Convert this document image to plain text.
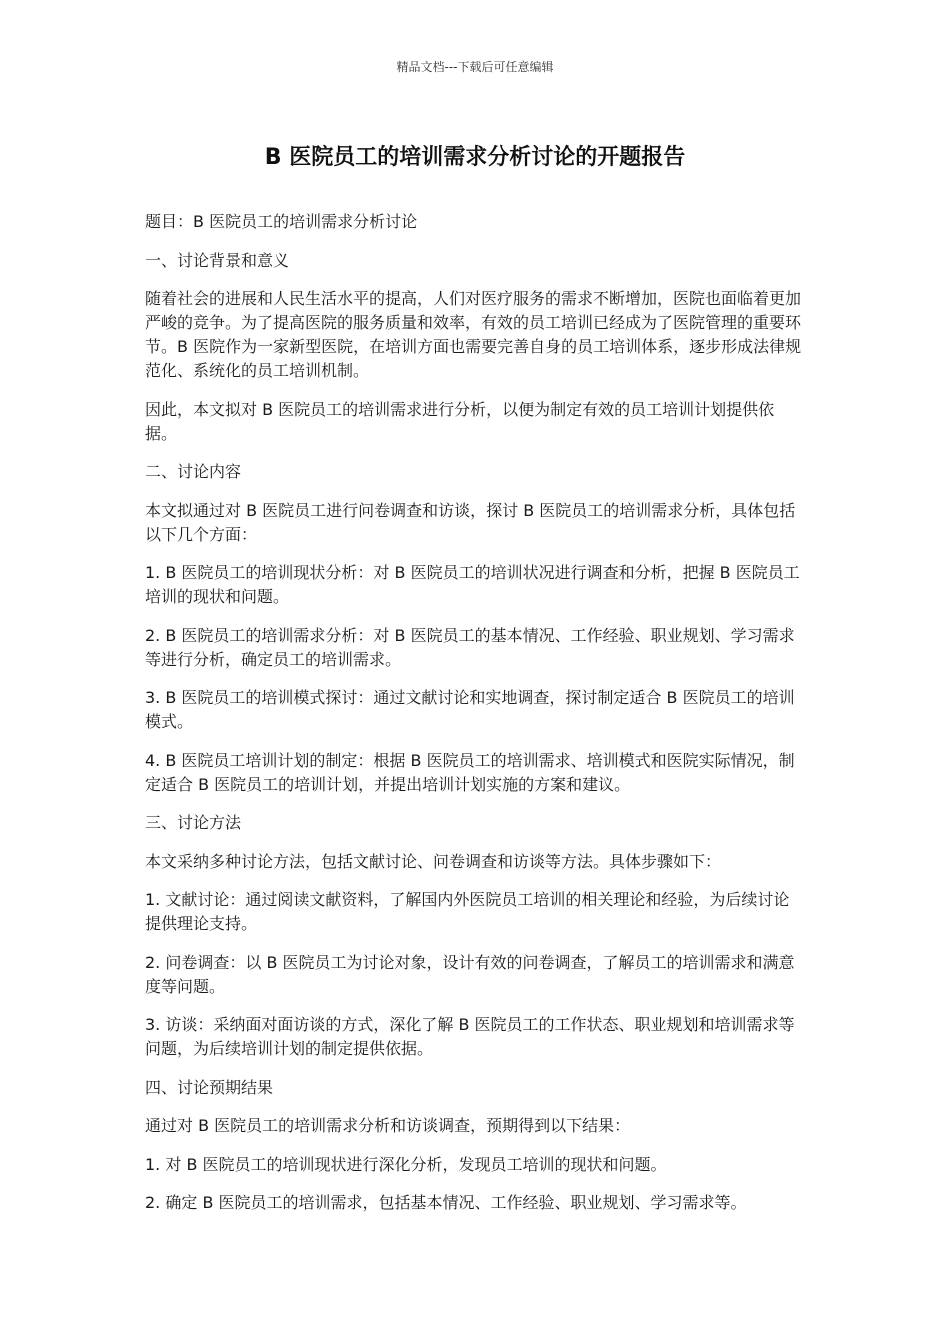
精品文档---下载后可任意编辑
B 医院员工的培训需求分析讨论的开题报告

题目：B 医院员工的培训需求分析讨论

一、讨论背景和意义

随着社会的进展和人民生活水平的提高，人们对医疗服务的需求不断增加，医院也面临着更加严峻的竞争。为了提高医院的服务质量和效率，有效的员工培训已经成为了医院管理的重要环节。B 医院作为一家新型医院，在培训方面也需要完善自身的员工培训体系，逐步形成法律规范化、系统化的员工培训机制。

因此，本文拟对 B 医院员工的培训需求进行分析，以便为制定有效的员工培训计划提供依据。

二、讨论内容

本文拟通过对 B 医院员工进行问卷调查和访谈，探讨 B 医院员工的培训需求分析，具体包括以下几个方面：

1. B 医院员工的培训现状分析：对 B 医院员工的培训状况进行调查和分析，把握 B 医院员工培训的现状和问题。

2. B 医院员工的培训需求分析：对 B 医院员工的基本情况、工作经验、职业规划、学习需求等进行分析，确定员工的培训需求。

3. B 医院员工的培训模式探讨：通过文献讨论和实地调查，探讨制定适合 B 医院员工的培训模式。

4. B 医院员工培训计划的制定：根据 B 医院员工的培训需求、培训模式和医院实际情况，制定适合 B 医院员工的培训计划，并提出培训计划实施的方案和建议。

三、讨论方法

本文采纳多种讨论方法，包括文献讨论、问卷调查和访谈等方法。具体步骤如下：

1. 文献讨论：通过阅读文献资料，了解国内外医院员工培训的相关理论和经验，为后续讨论提供理论支持。

2. 问卷调查：以 B 医院员工为讨论对象，设计有效的问卷调查，了解员工的培训需求和满意度等问题。

3. 访谈：采纳面对面访谈的方式，深化了解 B 医院员工的工作状态、职业规划和培训需求等问题，为后续培训计划的制定提供依据。

四、讨论预期结果

通过对 B 医院员工的培训需求分析和访谈调查，预期得到以下结果：

1. 对 B 医院员工的培训现状进行深化分析，发现员工培训的现状和问题。

2. 确定 B 医院员工的培训需求，包括基本情况、工作经验、职业规划、学习需求等。
